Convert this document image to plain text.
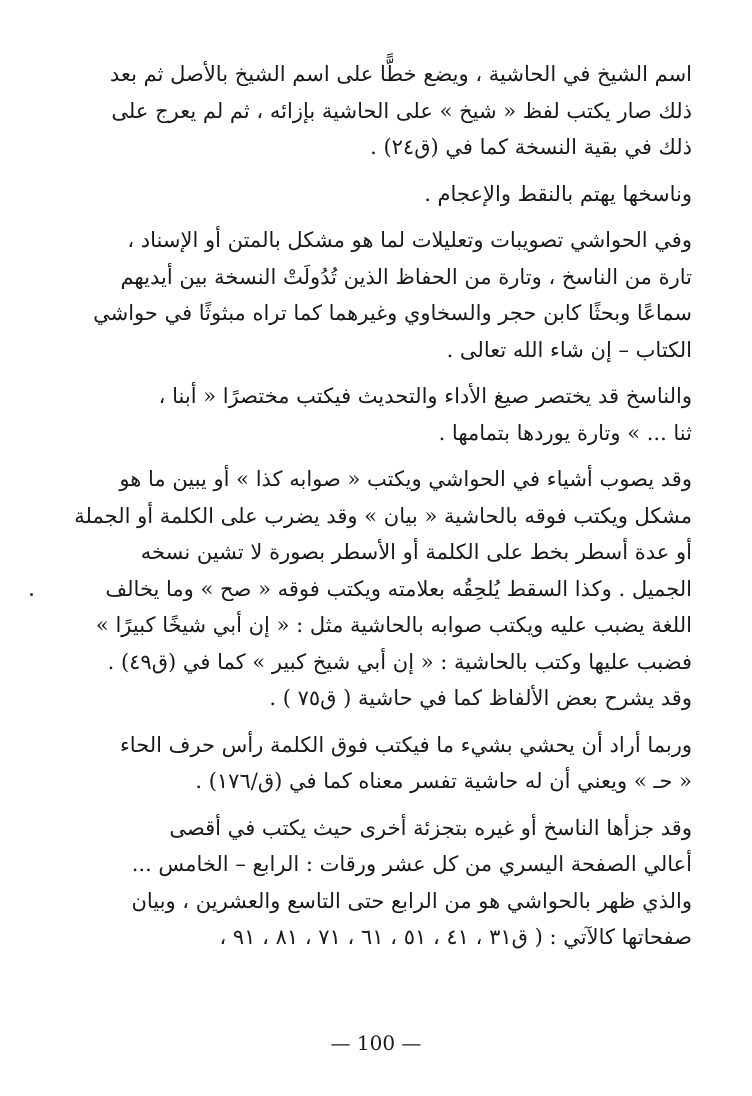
اسم الشيخ في الحاشية ، ويضع خطًّا على اسم الشيخ بالأصل ثم بعد
ذلك صار يكتب لفظ « شيخ » على الحاشية بإزائه ، ثم لم يعرج على
ذلك في بقية النسخة كما في (ق٢٤) .
وناسخها يهتم بالنقط والإعجام .
وفي الحواشي تصويبات وتعليلات لما هو مشكل بالمتن أو الإسناد ،
تارة من الناسخ ، وتارة من الحفاظ الذين تُدُولَتْ النسخة بين أيديهم
سماعًا وبحثًا كابن حجر والسخاوي وغيرهما كما تراه مبثوثًا في حواشي
الكتاب – إن شاء الله تعالى .
والناسخ قد يختصر صيغ الأداء والتحديث فيكتب مختصرًا « أبنا ،
ثنا ... » وتارة يوردها بتمامها .
وقد يصوب أشياء في الحواشي ويكتب « صوابه كذا » أو يبين ما هو
مشكل ويكتب فوقه بالحاشية « بيان » وقد يضرب على الكلمة أو الجملة
أو عدة أسطر بخط على الكلمة أو الأسطر بصورة لا تشين نسخه
الجميل . وكذا السقط يُلحِقُه بعلامته ويكتب فوقه « صح » وما يخالف
اللغة يضبب عليه ويكتب صوابه بالحاشية مثل : « إن أبي شيخًا كبيرًا »
فضبب عليها وكتب بالحاشية : « إن أبي شيخ كبير » كما في (ق٤٩) .
وقد يشرح بعض الألفاظ كما في حاشية ( ق٧٥ ) .
وربما أراد أن يحشي بشيء ما فيكتب فوق الكلمة رأس حرف الحاء
« حـ » ويعني أن له حاشية تفسر معناه كما في (ق/١٧٦) .
وقد جزأها الناسخ أو غيره بتجزئة أخرى حيث يكتب في أقصى
أعالي الصفحة اليسري من كل عشر ورقات : الرابع – الخامس ...
والذي ظهر بالحواشي هو من الرابع حتى التاسع والعشرين ، وبيان
صفحاتها كالآتي : ( ق٣١ ، ٤١ ، ٥١ ، ٦١ ، ٧١ ، ٨١ ، ٩١ ،
— 100 —
